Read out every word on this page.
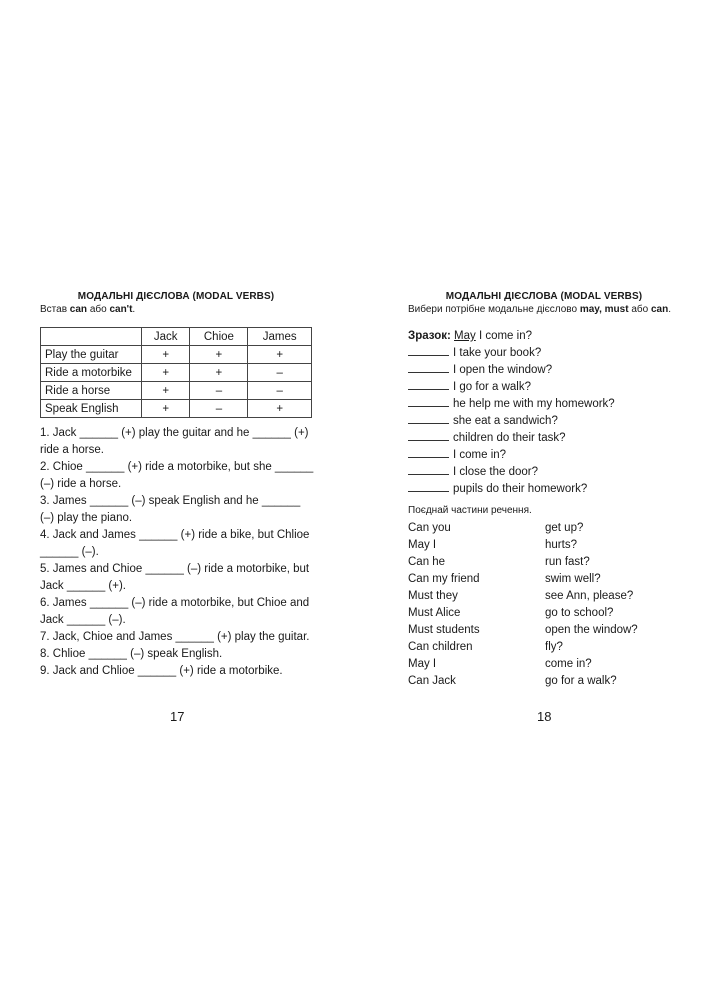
МОДАЛЬНІ ДІЄСЛОВА (MODAL VERBS)
Встав can або can't.
	Jack	Chioe	James
Play the guitar	+	+	+
Ride a motorbike	+	+	–
Ride a horse	+	–	–
Speak English	+	–	+

1. Jack ______ (+) play the guitar and he ______ (+) ride a horse.

2. Chioe ______ (+) ride a motorbike, but she ______ (–) ride a horse.

3. James ______ (–) speak English and he ______ (–) play the piano.

4. Jack and James ______ (+) ride a bike, but Chlioe ______ (–).

5. James and Chioe ______ (–) ride a motorbike, but Jack ______ (+).

6. James ______ (–) ride a motorbike, but Chioe and Jack ______ (–).

7. Jack, Chioe and James ______ (+) play the guitar.

8. Chlioe ______ (–) speak English.

9. Jack and Chlioe ______ (+) ride a motorbike.

17
МОДАЛЬНІ ДІЄСЛОВА (MODAL VERBS)
Вибери потрібне модальне дієслово may, must або can.
Зразок: May I come in?

I take your book?

I open the window?

I go for a walk?

he help me with my homework?

she eat a sandwich?

children do their task?

I come in?

I close the door?

pupils do their homework?

Поєднай частини речення.
Can you	get up?
May I	hurts?
Can he	run fast?
Can my friend	swim well?
Must they	see Ann, please?
Must Alice	go to school?
Must students	open the window?
Can children	fly?
May I	come in?
Can Jack	go for a walk?
18
